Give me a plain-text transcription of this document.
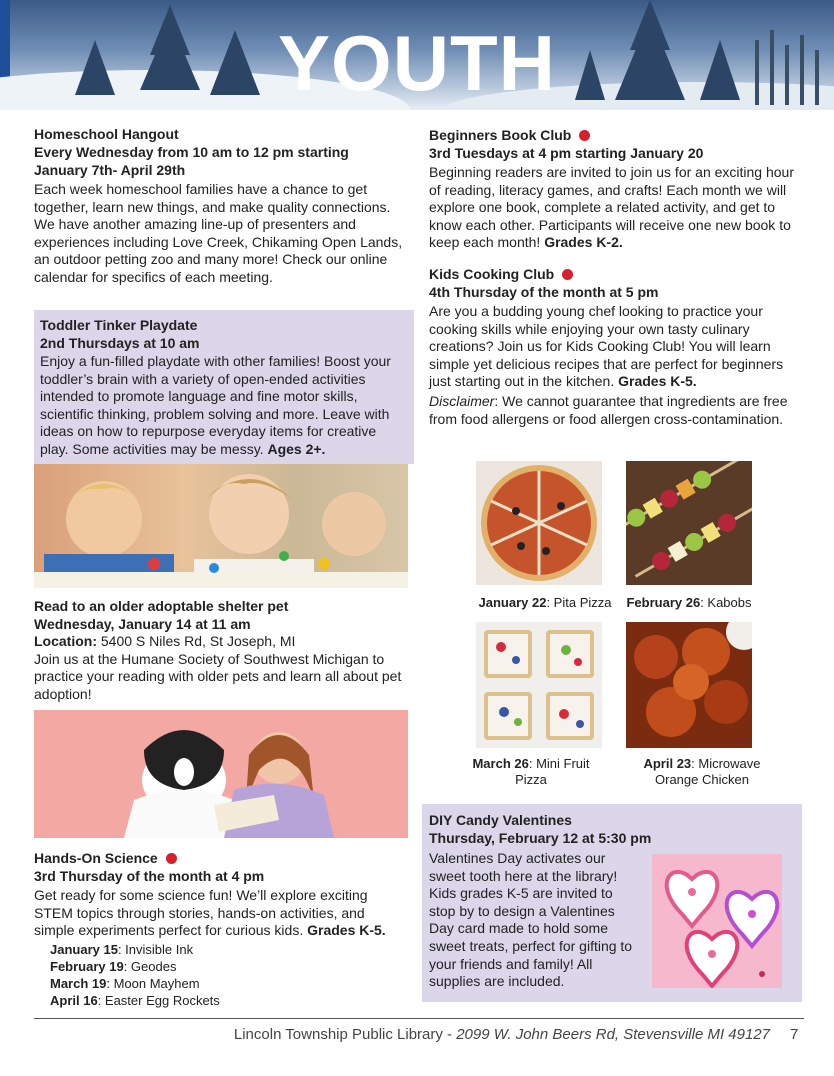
YOUTH
Homeschool Hangout
Every Wednesday from 10 am to 12 pm starting January 7th- April 29th
Each week homeschool families have a chance to get together, learn new things, and make quality connections. We have another amazing line-up of presenters and experiences including Love Creek, Chikaming Open Lands, an outdoor petting zoo and many more! Check our online calendar for specifics of each meeting.
Toddler Tinker Playdate
2nd Thursdays at 10 am
Enjoy a fun-filled playdate with other families! Boost your toddler’s brain with a variety of open-ended activities intended to promote language and fine motor skills, scientific thinking, problem solving and more. Leave with ideas on how to repurpose everyday items for creative play. Some activities may be messy. Ages 2+.
Read to an older adoptable shelter pet
Wednesday, January 14 at 11 am
Location: 5400 S Niles Rd, St Joseph, MI
Join us at the Humane Society of Southwest Michigan to practice your reading with older pets and learn all about pet adoption!
Hands-On Science
3rd Thursday of the month at 4 pm
Get ready for some science fun! We’ll explore exciting STEM topics through stories, hands-on activities, and simple experiments perfect for curious kids. Grades K-5.
January 15: Invisible Ink
February 19: Geodes
March 19: Moon Mayhem
April 16: Easter Egg Rockets
Beginners Book Club
3rd Tuesdays at 4 pm starting January 20
Beginning readers are invited to join us for an exciting hour of reading, literacy games, and crafts! Each month we will explore one book, complete a related activity, and get to know each other. Participants will receive one new book to keep each month! Grades K-2.
Kids Cooking Club
4th Thursday of the month at 5 pm
Are you a budding young chef looking to practice your cooking skills while enjoying your own tasty culinary creations? Join us for Kids Cooking Club! You will learn simple yet delicious recipes that are perfect for beginners just starting out in the kitchen. Grades K-5.
Disclaimer: We cannot guarantee that ingredients are free from food allergens or food allergen cross-contamination.
January 22: Pita Pizza	February 26: Kabobs
March 26: Mini Fruit Pizza
April 23: Microwave Orange Chicken
DIY Candy Valentines
Thursday, February 12 at 5:30 pm
Valentines Day activates our sweet tooth here at the library! Kids grades K-5 are invited to stop by to design a Valentines Day card made to hold some sweet treats, perfect for gifting to your friends and family! All supplies are included.
Lincoln Township Public Library - 2099 W. John Beers Rd, Stevensville MI 49127 7
